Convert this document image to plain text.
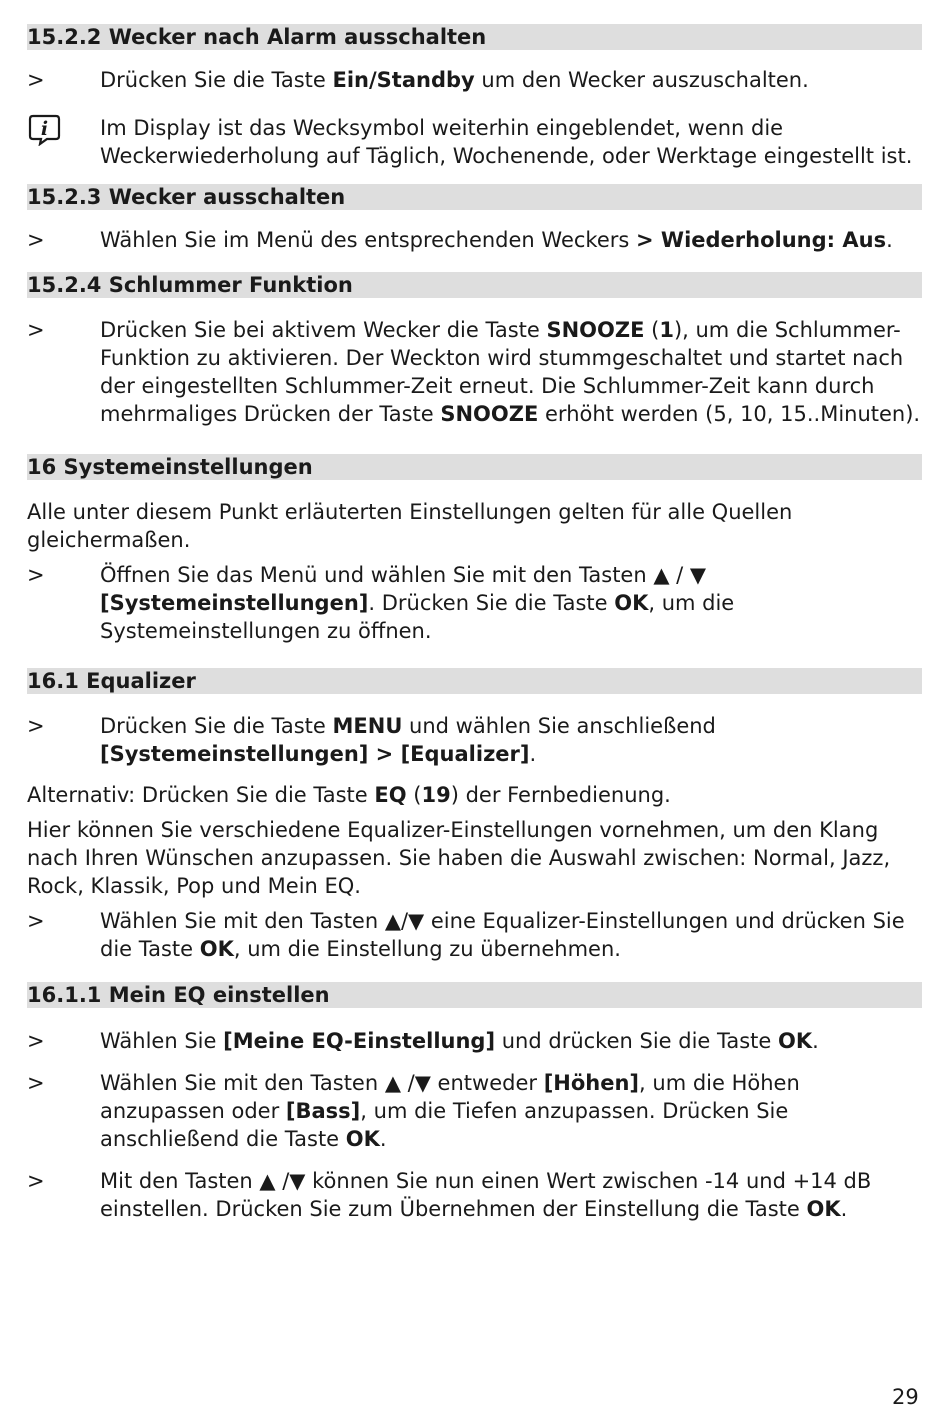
15.2.2 Wecker nach Alarm ausschalten
>	Drücken Sie die Taste Ein/Standby um den Wecker auszuschalten.
i Im Display ist das Wecksymbol weiterhin eingeblendet, wenn die Weckerwiederholung auf Täglich, Wochenende, oder Werktage eingestellt ist.
15.2.3 Wecker ausschalten
>	Wählen Sie im Menü des entsprechenden Weckers > Wiederholung: Aus.
15.2.4 Schlummer Funktion
>	Drücken Sie bei aktivem Wecker die Taste SNOOZE (1), um die Schlummer-Funktion zu aktivieren. Der Weckton wird stummgeschaltet und startet nach der eingestellten Schlummer-Zeit erneut. Die Schlummer-Zeit kann durch mehrmaliges Drücken der Taste SNOOZE erhöht werden (5, 10, 15..Minuten).
16 Systemeinstellungen
Alle unter diesem Punkt erläuterten Einstellungen gelten für alle Quellen gleichermaßen.
>	Öffnen Sie das Menü und wählen Sie mit den Tasten ▲ / ▼ [Systemeinstellungen]. Drücken Sie die Taste OK, um die Systemeinstellungen zu öffnen.
16.1 Equalizer
>	Drücken Sie die Taste MENU und wählen Sie anschließend
[Systemeinstellungen] > [Equalizer].
Alternativ: Drücken Sie die Taste EQ (19) der Fernbedienung.
Hier können Sie verschiedene Equalizer-Einstellungen vornehmen, um den Klang nach Ihren Wünschen anzupassen. Sie haben die Auswahl zwischen: Normal, Jazz, Rock, Klassik, Pop und Mein EQ.
>	Wählen Sie mit den Tasten ▲/▼ eine Equalizer-Einstellungen und drücken Sie die Taste OK, um die Einstellung zu übernehmen.
16.1.1 Mein EQ einstellen
>	Wählen Sie [Meine EQ-Einstellung] und drücken Sie die Taste OK.
>	Wählen Sie mit den Tasten ▲ /▼ entweder [Höhen], um die Höhen anzupassen oder [Bass], um die Tiefen anzupassen. Drücken Sie anschließend die Taste OK.
>	Mit den Tasten ▲ /▼ können Sie nun einen Wert zwischen -14 und +14 dB einstellen. Drücken Sie zum Übernehmen der Einstellung die Taste OK.
29
